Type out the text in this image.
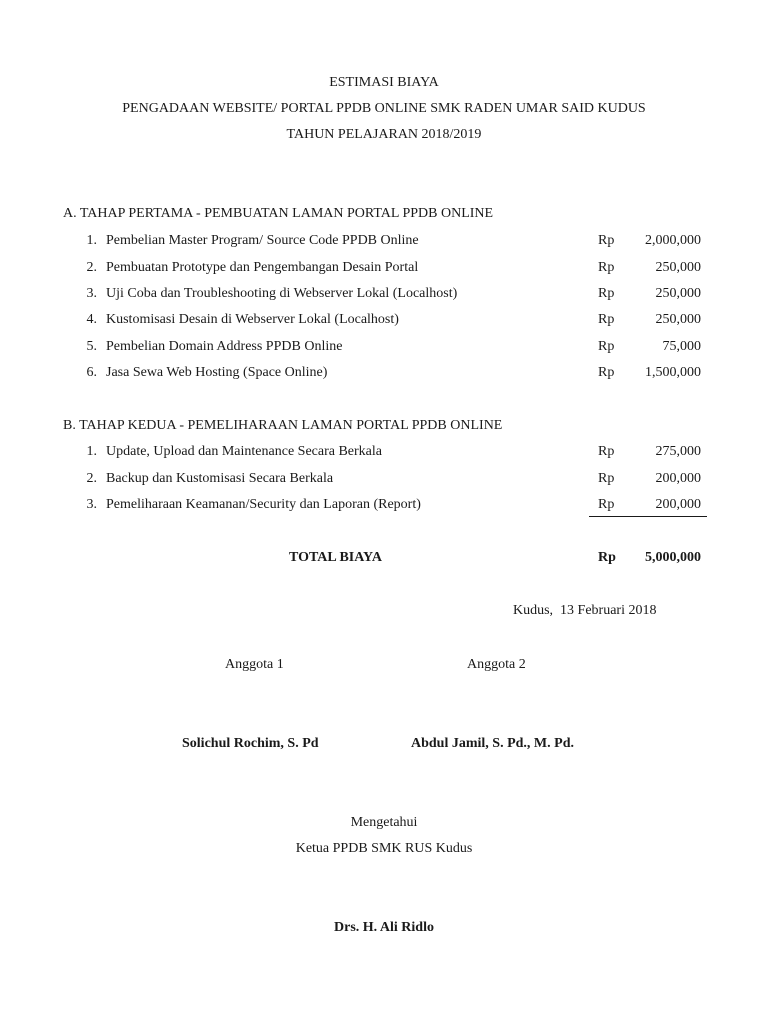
ESTIMASI BIAYA
PENGADAAN WEBSITE/ PORTAL PPDB ONLINE SMK RADEN UMAR SAID KUDUS
TAHUN PELAJARAN 2018/2019
A. TAHAP PERTAMA - PEMBUATAN LAMAN PORTAL PPDB ONLINE
1. Pembelian Master Program/ Source Code PPDB Online	Rp	2,000,000
2. Pembuatan Prototype dan Pengembangan Desain Portal	Rp	250,000
3. Uji Coba dan Troubleshooting di Webserver Lokal (Localhost)	Rp	250,000
4. Kustomisasi Desain di Webserver Lokal (Localhost)	Rp	250,000
5. Pembelian Domain Address PPDB Online	Rp	75,000
6. Jasa Sewa Web Hosting (Space Online)	Rp	1,500,000
B. TAHAP KEDUA - PEMELIHARAAN LAMAN PORTAL PPDB ONLINE
1. Update, Upload dan Maintenance Secara Berkala	Rp	275,000
2. Backup dan Kustomisasi Secara Berkala	Rp	200,000
3. Pemeliharaan Keamanan/Security dan Laporan (Report)	Rp	200,000
TOTAL BIAYA	Rp	5,000,000
Kudus,  13 Februari 2018
Anggota 1	Anggota 2
Solichul Rochim, S. Pd	Abdul Jamil, S. Pd., M. Pd.
Mengetahui
Ketua PPDB SMK RUS Kudus
Drs. H. Ali Ridlo
